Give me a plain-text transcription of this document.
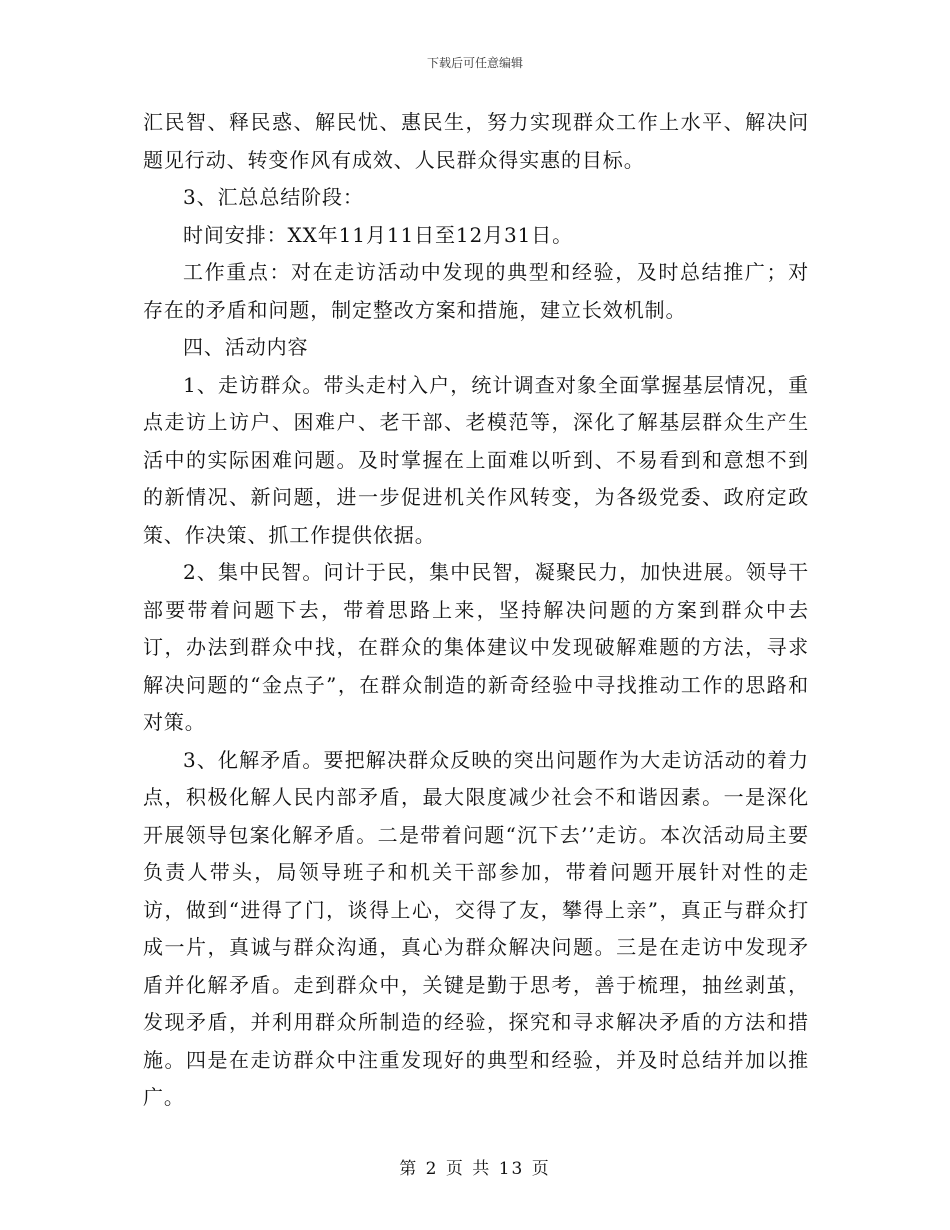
下载后可任意编辑

汇民智、释民惑、解民忧、惠民生，努力实现群众工作上水平、解决问题见行动、转变作风有成效、人民群众得实惠的目标。

3、汇总总结阶段：

时间安排：XX年11月11日至12月31日。

工作重点：对在走访活动中发现的典型和经验，及时总结推广；对存在的矛盾和问题，制定整改方案和措施，建立长效机制。

四、活动内容

1、走访群众。带头走村入户，统计调查对象全面掌握基层情况，重点走访上访户、困难户、老干部、老模范等，深化了解基层群众生产生活中的实际困难问题。及时掌握在上面难以听到、不易看到和意想不到的新情况、新问题，进一步促进机关作风转变，为各级党委、政府定政策、作决策、抓工作提供依据。

2、集中民智。问计于民，集中民智，凝聚民力，加快进展。领导干部要带着问题下去，带着思路上来，坚持解决问题的方案到群众中去订，办法到群众中找，在群众的集体建议中发现破解难题的方法，寻求解决问题的“金点子”，在群众制造的新奇经验中寻找推动工作的思路和对策。

3、化解矛盾。要把解决群众反映的突出问题作为大走访活动的着力点，积极化解人民内部矛盾，最大限度减少社会不和谐因素。一是深化开展领导包案化解矛盾。二是带着问题“沉下去’’走访。本次活动局主要负责人带头，局领导班子和机关干部参加，带着问题开展针对性的走访，做到“进得了门，谈得上心，交得了友，攀得上亲”，真正与群众打成一片，真诚与群众沟通，真心为群众解决问题。三是在走访中发现矛盾并化解矛盾。走到群众中，关键是勤于思考，善于梳理，抽丝剥茧，发现矛盾，并利用群众所制造的经验，探究和寻求解决矛盾的方法和措施。四是在走访群众中注重发现好的典型和经验，并及时总结并加以推广。

第 2 页 共 13 页
